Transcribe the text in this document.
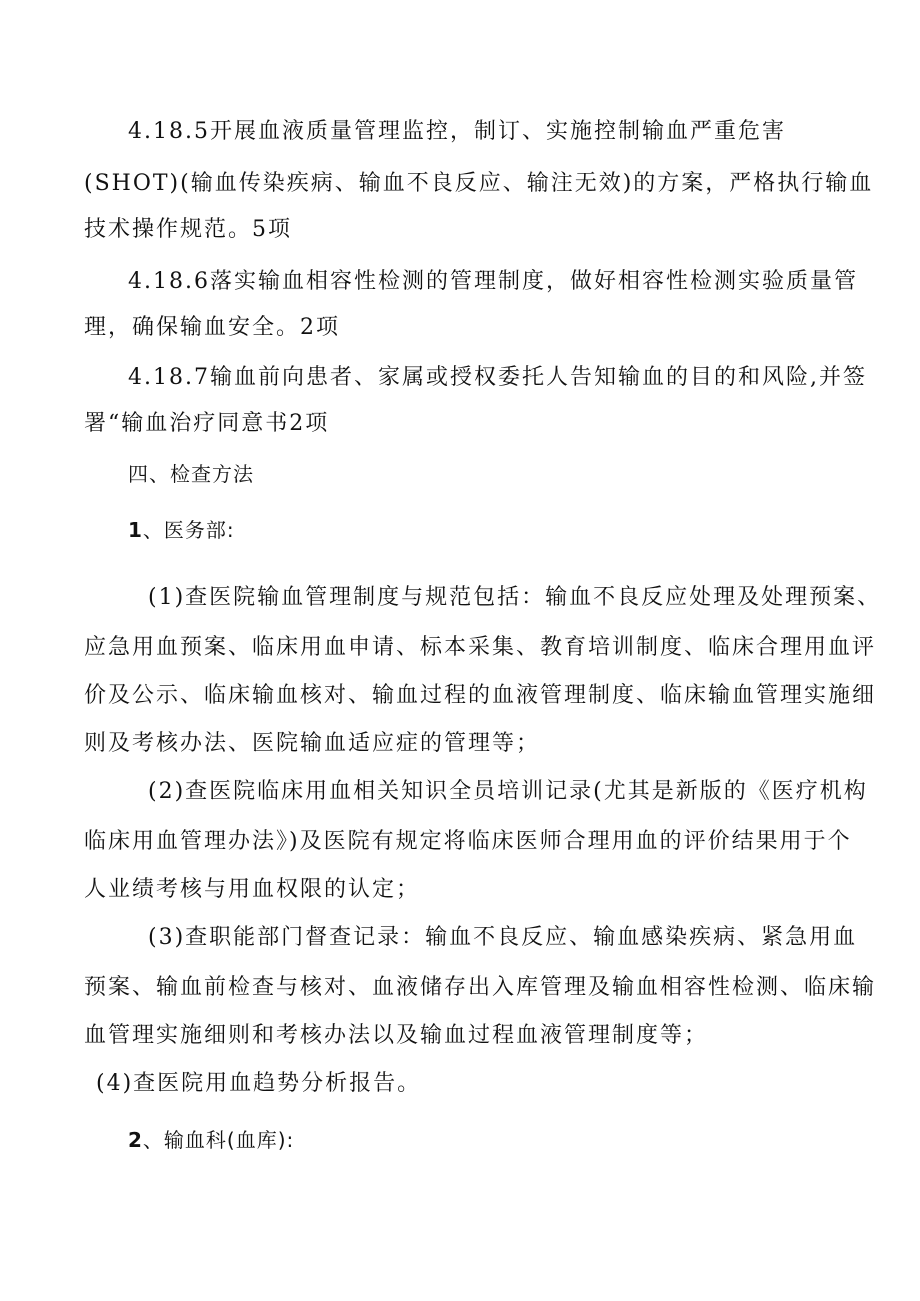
4.18.5开展血液质量管理监控，制订、实施控制输血严重危害
(SHOT)(输血传染疾病、输血不良反应、输注无效)的方案，严格执行输血
技术操作规范。5项
4.18.6落实输血相容性检测的管理制度，做好相容性检测实验质量管
理，确保输血安全。2项
4.18.7输血前向患者、家属或授权委托人告知输血的目的和风险,并签
署“输血治疗同意书2项
四、检查方法
1、医务部:
(1)查医院输血管理制度与规范包括：输血不良反应处理及处理预案、
应急用血预案、临床用血申请、标本采集、教育培训制度、临床合理用血评
价及公示、临床输血核对、输血过程的血液管理制度、临床输血管理实施细
则及考核办法、医院输血适应症的管理等；
(2)查医院临床用血相关知识全员培训记录(尤其是新版的《医疗机构
临床用血管理办法》)及医院有规定将临床医师合理用血的评价结果用于个
人业绩考核与用血权限的认定；
(3)查职能部门督查记录：输血不良反应、输血感染疾病、紧急用血
预案、输血前检查与核对、血液储存出入库管理及输血相容性检测、临床输
血管理实施细则和考核办法以及输血过程血液管理制度等；
(4)查医院用血趋势分析报告。
2、输血科(血库):
